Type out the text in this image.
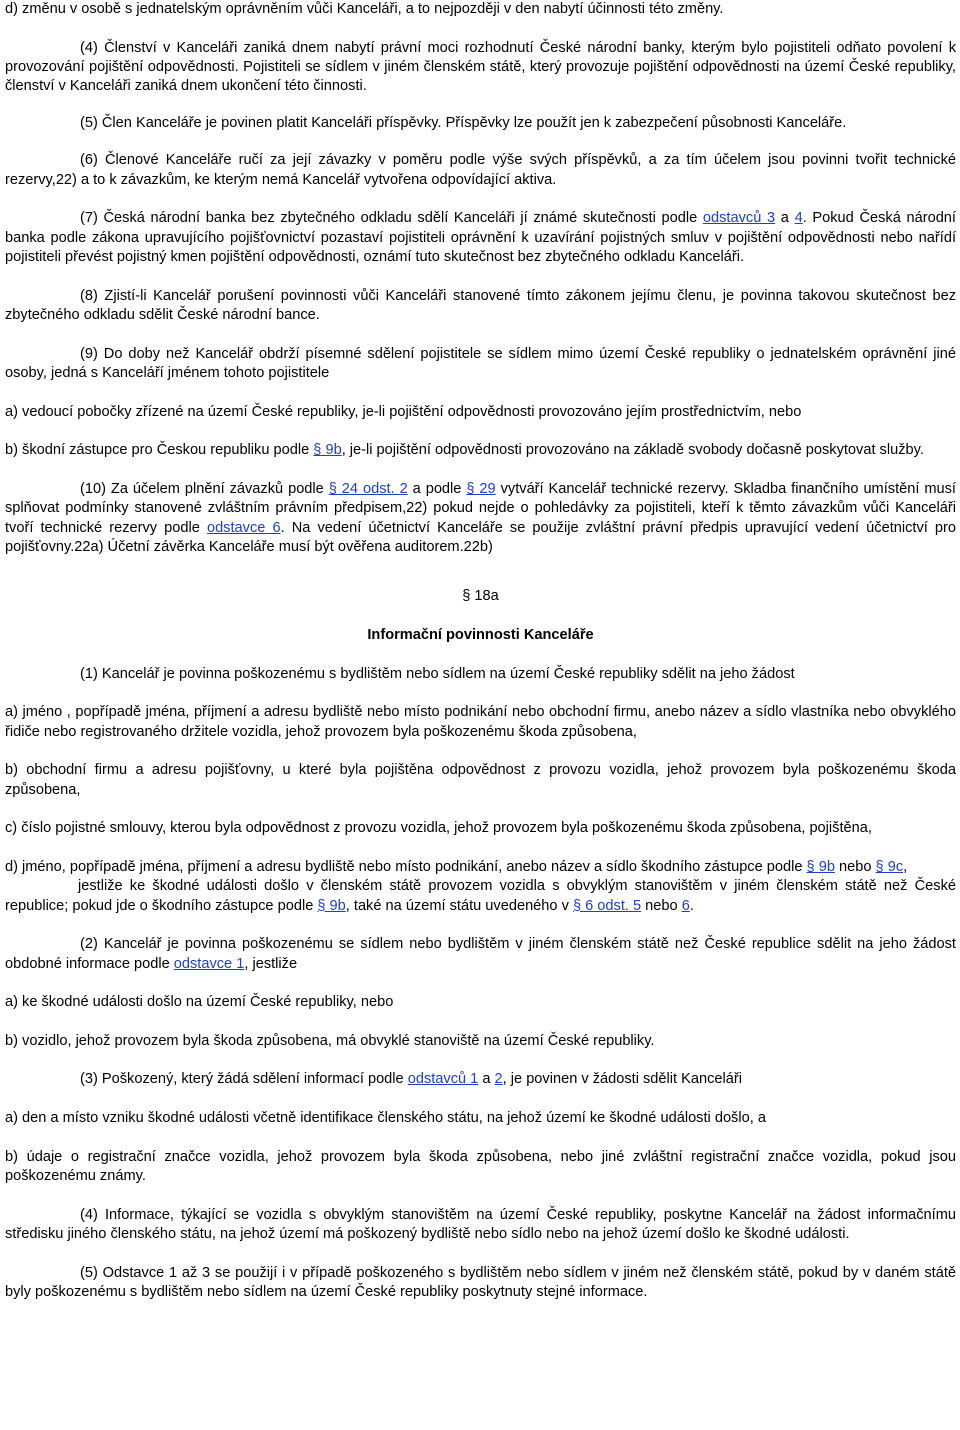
d) změnu v osobě s jednatelským oprávněním vůči Kanceláři, a to nejpozději v den nabytí účinnosti této změny.

(4) Členství v Kanceláři zaniká dnem nabytí právní moci rozhodnutí České národní banky, kterým bylo pojistiteli odňato povolení k provozování pojištění odpovědnosti. Pojistiteli se sídlem v jiném členském státě, který provozuje pojištění odpovědnosti na území České republiky, členství v Kanceláři zaniká dnem ukončení této činnosti.

(5) Člen Kanceláře je povinen platit Kanceláři příspěvky. Příspěvky lze použít jen k zabezpečení působnosti Kanceláře.

(6) Členové Kanceláře ručí za její závazky v poměru podle výše svých příspěvků, a za tím účelem jsou povinni tvořit technické rezervy,22) a to k závazkům, ke kterým nemá Kancelář vytvořena odpovídající aktiva.

(7) Česká národní banka bez zbytečného odkladu sdělí Kanceláři jí známé skutečnosti podle odstavců 3 a 4. Pokud Česká národní banka podle zákona upravujícího pojišťovnictví pozastaví pojistiteli oprávnění k uzavírání pojistných smluv v pojištění odpovědnosti nebo nařídí pojistiteli převést pojistný kmen pojištění odpovědnosti, oznámí tuto skutečnost bez zbytečného odkladu Kanceláři.

(8) Zjistí-li Kancelář porušení povinnosti vůči Kanceláři stanovené tímto zákonem jejímu členu, je povinna takovou skutečnost bez zbytečného odkladu sdělit České národní bance.

(9) Do doby než Kancelář obdrží písemné sdělení pojistitele se sídlem mimo území České republiky o jednatelském oprávnění jiné osoby, jedná s Kanceláří jménem tohoto pojistitele

a) vedoucí pobočky zřízené na území České republiky, je-li pojištění odpovědnosti provozováno jejím prostřednictvím, nebo

b) škodní zástupce pro Českou republiku podle § 9b, je-li pojištění odpovědnosti provozováno na základě svobody dočasně poskytovat služby.

(10) Za účelem plnění závazků podle § 24 odst. 2 a podle § 29 vytváří Kancelář technické rezervy. Skladba finančního umístění musí splňovat podmínky stanovené zvláštním právním předpisem,22) pokud nejde o pohledávky za pojistiteli, kteří k těmto závazkům vůči Kanceláři tvoří technické rezervy podle odstavce 6. Na vedení účetnictví Kanceláře se použije zvláštní právní předpis upravující vedení účetnictví pro pojišťovny.22a) Účetní závěrka Kanceláře musí být ověřena auditorem.22b)

§ 18a
Informační povinnosti Kanceláře

(1) Kancelář je povinna poškozenému s bydlištěm nebo sídlem na území České republiky sdělit na jeho žádost

a) jméno , popřípadě jména, příjmení a adresu bydliště nebo místo podnikání nebo obchodní firmu, anebo název a sídlo vlastníka nebo obvyklého řidiče nebo registrovaného držitele vozidla, jehož provozem byla poškozenému škoda způsobena,

b) obchodní firmu a adresu pojišťovny, u které byla pojištěna odpovědnost z provozu vozidla, jehož provozem byla poškozenému škoda způsobena,

c) číslo pojistné smlouvy, kterou byla odpovědnost z provozu vozidla, jehož provozem byla poškozenému škoda způsobena, pojištěna,

d) jméno, popřípadě jména, příjmení a adresu bydliště nebo místo podnikání, anebo název a sídlo škodního zástupce podle § 9b nebo § 9c,
jestliže ke škodné události došlo v členském státě provozem vozidla s obvyklým stanovištěm v jiném členském státě než České republice; pokud jde o škodního zástupce podle § 9b, také na území státu uvedeného v § 6 odst. 5 nebo 6.

(2) Kancelář je povinna poškozenému se sídlem nebo bydlištěm v jiném členském státě než České republice sdělit na jeho žádost obdobné informace podle odstavce 1, jestliže

a) ke škodné události došlo na území České republiky, nebo

b) vozidlo, jehož provozem byla škoda způsobena, má obvyklé stanoviště na území České republiky.

(3) Poškozený, který žádá sdělení informací podle odstavců 1 a 2, je povinen v žádosti sdělit Kanceláři

a) den a místo vzniku škodné události včetně identifikace členského státu, na jehož území ke škodné události došlo, a

b) údaje o registrační značce vozidla, jehož provozem byla škoda způsobena, nebo jiné zvláštní registrační značce vozidla, pokud jsou poškozenému známy.

(4) Informace, týkající se vozidla s obvyklým stanovištěm na území České republiky, poskytne Kancelář na žádost informačnímu středisku jiného členského státu, na jehož území má poškozený bydliště nebo sídlo nebo na jehož území došlo ke škodné události.

(5) Odstavce 1 až 3 se použijí i v případě poškozeného s bydlištěm nebo sídlem v jiném než členském státě, pokud by v daném státě byly poškozenému s bydlištěm nebo sídlem na území České republiky poskytnuty stejné informace.
